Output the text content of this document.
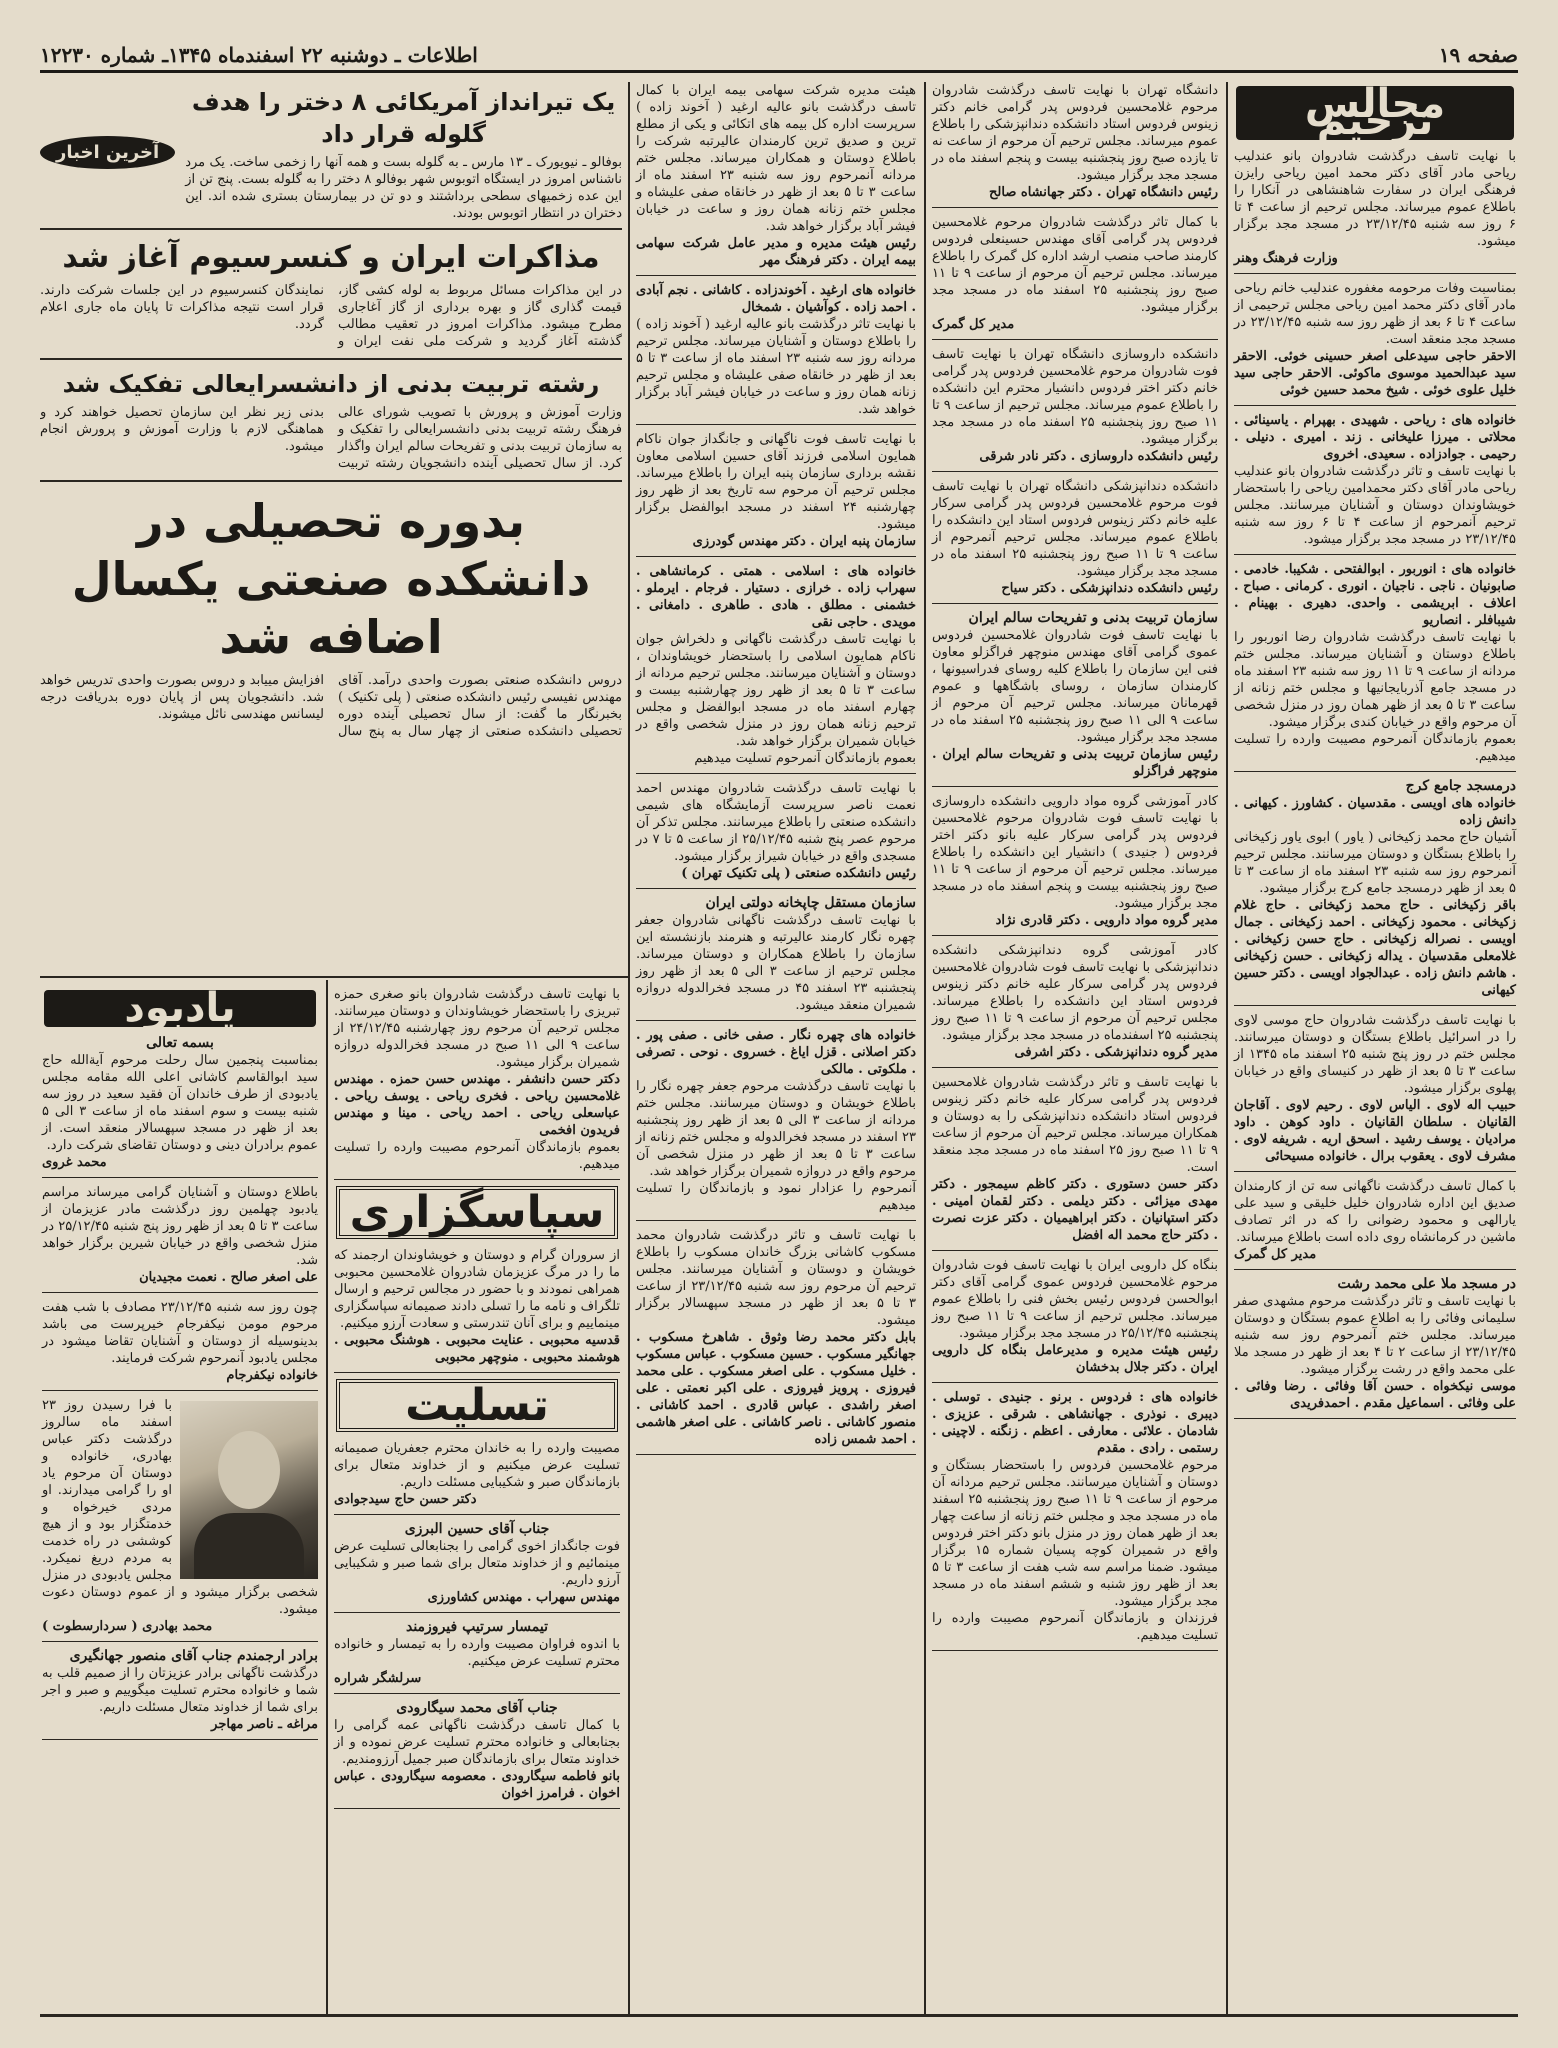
صفحه ۱۹
اطلاعات ـ دوشنبه ۲۲ اسفندماه ۱۳۴۵ـ شماره ۱۲۲۳۰
مجالس ترحیم

با نهایت تاسف درگذشت شادروان بانو عندلیب ریاحی مادر آقای دکتر محمد امین ریاحی رایزن فرهنگی ایران در سفارت شاهنشاهی در آنکارا را باطلاع عموم میرساند. مجلس ترحیم از ساعت ۴ تا ۶ روز سه شنبه ۲۳/۱۲/۴۵ در مسجد مجد برگزار میشود.

وزارت فرهنگ وهنر

بمناسبت وفات مرحومه مغفوره عندلیب خانم ریاحی مادر آقای دکتر محمد امین ریاحی مجلس ترحیمی از ساعت ۴ تا ۶ بعد از ظهر روز سه شنبه ۲۳/۱۲/۴۵ در مسجد مجد منعقد است.

الاحقر حاجی سیدعلی اصغر حسینی خوئی. الاحقر سید عبدالحمید موسوی ماکوئی. الاحقر حاجی سید خلیل علوی خوئی . شیخ محمد حسین خوئی

خانواده های : ریاحی . شهیدی . بهپرام . یاسینائی . محلاتی . میرزا علیخانی . زند . امیری . دنیلی . رحیمی . جوادزاده . سعیدی. اخروی

با نهایت تاسف و تاثر درگذشت شادروان بانو عندلیب ریاحی مادر آقای دکتر محمدامین ریاحی را باستحضار خویشاوندان دوستان و آشنایان میرسانند. مجلس ترحیم آنمرحوم از ساعت ۴ تا ۶ روز سه شنبه ۲۳/۱۲/۴۵ در مسجد مجد برگزار میشود.

خانواده های : انوربور . ابوالفتحی . شکیبا. خادمی . صابونیان . ناجی . ناجیان . انوری . کرمانی . صباح . اعلاف . ابریشمی . واحدی. دهیری . بهینام . شیبافلر . انصاریو

با نهایت تاسف درگذشت شادروان رضا انوربور را باطلاع دوستان و آشنایان میرساند. مجلس ختم مردانه از ساعت ۹ تا ۱۱ روز سه شنبه ۲۳ اسفند ماه در مسجد جامع آذربایجانیها و مجلس ختم زنانه از ساعت ۳ تا ۵ بعد از ظهر همان روز در منزل شخصی آن مرحوم واقع در خیابان کندی برگزار میشود.

بعموم بازماندگان آنمرحوم مصیبت وارده را تسلیت میدهیم.

درمسجد جامع کرج

خانواده های اویسی . مقدسیان . کشاورز . کیهانی . دانش زاده

آشیان حاج محمد زکیخانی ( یاور ) ابوی یاور زکیخانی را باطلاع بستگان و دوستان میرسانند. مجلس ترحیم آنمرحوم روز سه شنبه ۲۳ اسفند ماه از ساعت ۳ تا ۵ بعد از ظهر درمسجد جامع کرج برگزار میشود.

باقر زکیخانی . حاج محمد زکیخانی . حاج غلام زکیخانی . محمود زکیخانی . احمد زکیخانی . جمال اویسی . نصراله زکیخانی . حاج حسن زکیخانی . غلامعلی مقدسیان . یداله زکیخانی . حسن زکیخانی . هاشم دانش زاده . عبدالجواد اویسی . دکتر حسین کیهانی

با نهایت تاسف درگذشت شادروان حاج موسی لاوی را در اسرائیل باطلاع بستگان و دوستان میرسانند. مجلس ختم در روز پنج شنبه ۲۵ اسفند ماه ۱۳۴۵ از ساعت ۳ تا ۵ بعد از ظهر در کنیسای واقع در خیابان پهلوی برگزار میشود.

حبیب اله لاوی . الیاس لاوی . رحیم لاوی . آقاجان القانیان . سلطان القانیان . داود کوهن . داود مرادیان . یوسف رشید . اسحق اریه . شریفه لاوی . مشرف لاوی . یعقوب برال . خانواده مسیحائی

با کمال تاسف درگذشت ناگهانی سه تن از کارمندان صدیق این اداره شادروان خلیل خلیقی و سید علی یارالهی و محمود رضوانی را که در اثر تصادف ماشین در کرمانشاه روی داده است باطلاع میرساند.

مدیر کل گمرک

در مسجد ملا علی محمد رشت

با نهایت تاسف و تاثر درگذشت مرحوم مشهدی صفر سلیمانی وفائی را به اطلاع عموم بستگان و دوستان میرساند. مجلس ختم آنمرحوم روز سه شنبه ۲۳/۱۲/۴۵ از ساعت ۲ تا ۴ بعد از ظهر در مسجد ملا علی محمد واقع در رشت برگزار میشود.

موسی نیکخواه . حسن آقا وفائی . رضا وفائی . علی وفائی . اسماعیل مقدم . احمدفریدی

دانشگاه تهران با نهایت تاسف درگذشت شادروان مرحوم غلامحسین فردوس پدر گرامی خانم دکتر زینوس فردوس استاد دانشکده دندانپزشکی را باطلاع عموم میرساند. مجلس ترحیم آن مرحوم از ساعت نه تا یازده صبح روز پنجشنبه بیست و پنجم اسفند ماه در مسجد مجد برگزار میشود.

رئیس دانشگاه تهران . دکتر جهانشاه صالح

با کمال تاثر درگذشت شادروان مرحوم غلامحسین فردوس پدر گرامی آقای مهندس حسینعلی فردوس کارمند صاحب منصب ارشد اداره کل گمرک را باطلاع میرساند. مجلس ترحیم آن مرحوم از ساعت ۹ تا ۱۱ صبح روز پنجشنبه ۲۵ اسفند ماه در مسجد مجد برگزار میشود.

مدیر کل گمرک

دانشکده داروسازی دانشگاه تهران با نهایت تاسف فوت شادروان مرحوم غلامحسین فردوس پدر گرامی خانم دکتر اختر فردوس دانشیار محترم این دانشکده را باطلاع عموم میرساند. مجلس ترحیم از ساعت ۹ تا ۱۱ صبح روز پنجشنبه ۲۵ اسفند ماه در مسجد مجد برگزار میشود.

رئیس دانشکده داروسازی . دکتر نادر شرقی

دانشکده دندانپزشکی دانشگاه تهران با نهایت تاسف فوت مرحوم غلامحسین فردوس پدر گرامی سرکار علیه خانم دکتر زینوس فردوس استاد این دانشکده را باطلاع عموم میرساند. مجلس ترحیم آنمرحوم از ساعت ۹ تا ۱۱ صبح روز پنجشنبه ۲۵ اسفند ماه در مسجد مجد برگزار میشود.

رئیس دانشکده دندانپزشکی . دکتر سیاح

سازمان تربیت بدنی و تفریحات سالم ایران

با نهایت تاسف فوت شادروان غلامحسین فردوس عموی گرامی آقای مهندس منوچهر فراگزلو معاون فنی این سازمان را باطلاع کلیه روسای فدراسیونها ، کارمندان سازمان ، روسای باشگاهها و عموم قهرمانان میرساند. مجلس ترحیم آن مرحوم از ساعت ۹ الی ۱۱ صبح روز پنجشنبه ۲۵ اسفند ماه در مسجد مجد برگزار میشود.

رئیس سازمان تربیت بدنی و تفریحات سالم ایران . منوچهر فراگزلو

کادر آموزشی گروه مواد دارویی دانشکده داروسازی با نهایت تاسف فوت شادروان مرحوم غلامحسین فردوس پدر گرامی سرکار علیه بانو دکتر اختر فردوس ( جنیدی ) دانشیار این دانشکده را باطلاع میرساند. مجلس ترحیم آن مرحوم از ساعت ۹ تا ۱۱ صبح روز پنجشنبه بیست و پنجم اسفند ماه در مسجد مجد برگزار میشود.

مدیر گروه مواد دارویی . دکتر قادری نژاد

کادر آموزشی گروه دندانپزشکی دانشکده دندانپزشکی با نهایت تاسف فوت شادروان غلامحسین فردوس پدر گرامی سرکار علیه خانم دکتر زینوس فردوس استاد این دانشکده را باطلاع میرساند. مجلس ترحیم آن مرحوم از ساعت ۹ تا ۱۱ صبح روز پنجشنبه ۲۵ اسفندماه در مسجد مجد برگزار میشود.

مدیر گروه دندانپزشکی . دکتر اشرفی

با نهایت تاسف و تاثر درگذشت شادروان غلامحسین فردوس پدر گرامی سرکار علیه خانم دکتر زینوس فردوس استاد دانشکده دندانپزشکی را به دوستان و همکاران میرساند. مجلس ترحیم آن مرحوم از ساعت ۹ تا ۱۱ صبح روز ۲۵ اسفند ماه در مسجد مجد منعقد است.

دکتر حسن دستوری . دکتر کاظم سیمجور . دکتر مهدی میزائی . دکتر دیلمی . دکتر لقمان امینی . دکتر استپانیان . دکتر ابراهیمیان . دکتر عزت نصرت . دکتر حاج محمد اله افضل

بنگاه کل دارویی ایران با نهایت تاسف فوت شادروان مرحوم غلامحسین فردوس عموی گرامی آقای دکتر ابوالحسن فردوس رئیس بخش فنی را باطلاع عموم میرساند. مجلس ترحیم از ساعت ۹ تا ۱۱ صبح روز پنجشنبه ۲۵/۱۲/۴۵ در مسجد مجد برگزار میشود.

رئیس هیئت مدیره و مدیرعامل بنگاه کل دارویی ایران . دکتر جلال بدخشان

خانواده های : فردوس . برنو . جنیدی . توسلی . دیبری . نوذری . جهانشاهی . شرقی . عزیزی . شادمان . علائی . معارفی . اعظم . زنگنه . لاچینی . رستمی . رادی . مقدم

مرحوم غلامحسین فردوس را باستحضار بستگان و دوستان و آشنایان میرسانند. مجلس ترحیم مردانه آن مرحوم از ساعت ۹ تا ۱۱ صبح روز پنجشنبه ۲۵ اسفند ماه در مسجد مجد و مجلس ختم زنانه از ساعت چهار بعد از ظهر همان روز در منزل بانو دکتر اختر فردوس واقع در شمیران کوچه پسیان شماره ۱۵ برگزار میشود. ضمنا مراسم سه شب هفت از ساعت ۳ تا ۵ بعد از ظهر روز شنبه و ششم اسفند ماه در مسجد مجد برگزار میشود.

فرزندان و بازماندگان آنمرحوم مصیبت وارده را تسلیت میدهیم.

هیئت مدیره شرکت سهامی بیمه ایران با کمال تاسف درگذشت بانو عالیه ارغید ( آخوند زاده ) سرپرست اداره کل بیمه های اتکائی و یکی از مطلع ترین و صدیق ترین کارمندان عالیرتبه شرکت را باطلاع دوستان و همکاران میرساند. مجلس ختم مردانه آنمرحوم روز سه شنبه ۲۳ اسفند ماه از ساعت ۳ تا ۵ بعد از ظهر در خانقاه صفی علیشاه و مجلس ختم زنانه همان روز و ساعت در خیابان فیشر آباد برگزار خواهد شد.

رئیس هیئت مدیره و مدیر عامل شرکت سهامی بیمه ایران . دکتر فرهنگ مهر

خانواده های ارغید . آخوندزاده . کاشانی . نجم آبادی . احمد زاده . کوآشیان . شمخال

با نهایت تاثر درگذشت بانو عالیه ارغید ( آخوند زاده ) را باطلاع دوستان و آشنایان میرساند. مجلس ترحیم مردانه روز سه شنبه ۲۳ اسفند ماه از ساعت ۳ تا ۵ بعد از ظهر در خانقاه صفی علیشاه و مجلس ترحیم زنانه همان روز و ساعت در خیابان فیشر آباد برگزار خواهد شد.

با نهایت تاسف فوت ناگهانی و جانگداز جوان ناکام همایون اسلامی فرزند آقای حسین اسلامی معاون نقشه برداری سازمان پنبه ایران را باطلاع میرساند. مجلس ترحیم آن مرحوم سه تاریخ بعد از ظهر روز چهارشنبه ۲۴ اسفند در مسجد ابوالفضل برگزار میشود.

سازمان پنبه ایران . دکتر مهندس گودرزی

خانواده های : اسلامی . همتی . کرمانشاهی . سهراب زاده . خرازی . دستیار . فرجام . ایرملو . خشمنی . مطلق . هادی . طاهری . دامغانی . مویدی . حاجی نقی

با نهایت تاسف درگذشت ناگهانی و دلخراش جوان ناکام همایون اسلامی را باستحضار خویشاوندان ، دوستان و آشنایان میرسانند. مجلس ترحیم مردانه از ساعت ۳ تا ۵ بعد از ظهر روز چهارشنبه بیست و چهارم اسفند ماه در مسجد ابوالفضل و مجلس ترحیم زنانه همان روز در منزل شخصی واقع در خیابان شمیران برگزار خواهد شد.

بعموم بازماندگان آنمرحوم تسلیت میدهیم

با نهایت تاسف درگذشت شادروان مهندس احمد نعمت ناصر سرپرست آزمایشگاه های شیمی دانشکده صنعتی را باطلاع میرسانند. مجلس تذکر آن مرحوم عصر پنج شنبه ۲۵/۱۲/۴۵ از ساعت ۵ تا ۷ در مسجدی واقع در خیابان شیراز برگزار میشود.

رئیس دانشکده صنعتی ( پلی تکنیک تهران )

سازمان مستقل چاپخانه دولتی ایران

با نهایت تاسف درگذشت ناگهانی شادروان جعفر چهره نگار کارمند عالیرتبه و هنرمند بازنشسته این سازمان را باطلاع همکاران و دوستان میرساند. مجلس ترحیم از ساعت ۳ الی ۵ بعد از ظهر روز پنجشنبه ۲۳ اسفند ۴۵ در مسجد فخرالدوله دروازه شمیران منعقد میشود.

خانواده های چهره نگار . صفی خانی . صفی پور . دکتر اصلانی . قزل ایاغ . خسروی . نوحی . تصرفی . ملکوتی . مالکی

با نهایت تاسف درگذشت مرحوم جعفر چهره نگار را باطلاع خویشان و دوستان میرسانند. مجلس ختم مردانه از ساعت ۳ الی ۵ بعد از ظهر روز پنجشنبه ۲۳ اسفند در مسجد فخرالدوله و مجلس ختم زنانه از ساعت ۳ تا ۵ بعد از ظهر در منزل شخصی آن مرحوم واقع در دروازه شمیران برگزار خواهد شد.

آنمرحوم را عزادار نمود و بازماندگان را تسلیت میدهیم

با نهایت تاسف و تاثر درگذشت شادروان محمد مسکوب کاشانی بزرگ خاندان مسکوب را باطلاع خویشان و دوستان و آشنایان میرسانند. مجلس ترحیم آن مرحوم روز سه شنبه ۲۳/۱۲/۴۵ از ساعت ۳ تا ۵ بعد از ظهر در مسجد سپهسالار برگزار میشود.

بابل دکتر محمد رضا وثوق . شاهرخ مسکوب . جهانگیر مسکوب . حسین مسکوب . عباس مسکوب . خلیل مسکوب . علی اصغر مسکوب . علی محمد فیروزی . پرویز فیروزی . علی اکبر نعمتی . علی اصغر راشدی . عباس قادری . احمد کاشانی . منصور کاشانی . ناصر کاشانی . علی اصغر هاشمی . احمد شمس زاده

یک تیرانداز آمریکائی ۸ دختر را هدف گلوله قرار داد

بوفالو ـ نیویورک ـ ۱۳ مارس ـ به گلوله بست و همه آنها را زخمی ساخت. یک مرد ناشناس امروز در ایستگاه اتوبوس شهر بوفالو ۸ دختر را به گلوله بست. پنج تن از این عده زخمیهای سطحی برداشتند و دو تن در بیمارستان بستری شده اند. این دختران در انتظار اتوبوس بودند.

آخرین اخبار
مذاکرات ایران و کنسرسیوم آغاز شد

در این مذاکرات مسائل مربوط به لوله کشی گاز، قیمت گذاری گاز و بهره برداری از گاز آغاجاری مطرح میشود. مذاکرات امروز در تعقیب مطالب گذشته آغاز گردید و شرکت ملی نفت ایران و نمایندگان کنسرسیوم در این جلسات شرکت دارند. قرار است نتیجه مذاکرات تا پایان ماه جاری اعلام گردد.

رشته تربیت بدنی از دانشسرایعالی تفکیک شد

وزارت آموزش و پرورش با تصویب شورای عالی فرهنگ رشته تربیت بدنی دانشسرایعالی را تفکیک و به سازمان تربیت بدنی و تفریحات سالم ایران واگذار کرد. از سال تحصیلی آینده دانشجویان رشته تربیت بدنی زیر نظر این سازمان تحصیل خواهند کرد و هماهنگی لازم با وزارت آموزش و پرورش انجام میشود.

بدوره تحصیلی در دانشکده صنعتی یکسال اضافه شد

دروس دانشکده صنعتی بصورت واحدی درآمد. آقای مهندس نفیسی رئیس دانشکده صنعتی ( پلی تکنیک ) بخبرنگار ما گفت: از سال تحصیلی آینده دوره تحصیلی دانشکده صنعتی از چهار سال به پنج سال افزایش مییابد و دروس بصورت واحدی تدریس خواهد شد. دانشجویان پس از پایان دوره بدریافت درجه لیسانس مهندسی نائل میشوند.

یادبود

بسمه تعالی

بمناسبت پنجمین سال رحلت مرحوم آیةالله حاج سید ابوالقاسم کاشانی اعلی الله مقامه مجلس یادبودی از طرف خاندان آن فقید سعید در روز سه شنبه بیست و سوم اسفند ماه از ساعت ۳ الی ۵ بعد از ظهر در مسجد سپهسالار منعقد است. از عموم برادران دینی و دوستان تقاضای شرکت دارد.

محمد غروی

باطلاع دوستان و آشنایان گرامی میرساند مراسم یادبود چهلمین روز درگذشت مادر عزیزمان از ساعت ۳ تا ۵ بعد از ظهر روز پنج شنبه ۲۵/۱۲/۴۵ در منزل شخصی واقع در خیابان شیرین برگزار خواهد شد.

علی اصغر صالح . نعمت مجیدیان

چون روز سه شنبه ۲۳/۱۲/۴۵ مصادف با شب هفت مرحوم مومن نیکفرجام خیرپرست می باشد بدینوسیله از دوستان و آشنایان تقاضا میشود در مجلس یادبود آنمرحوم شرکت فرمایند.

خانواده نیکفرجام

با فرا رسیدن روز ۲۳ اسفند ماه سالروز درگذشت دکتر عباس بهادری، خانواده و دوستان آن مرحوم یاد او را گرامی میدارند. او مردی خیرخواه و خدمتگزار بود و از هیچ کوششی در راه خدمت به مردم دریغ نمیکرد. مجلس یادبودی در منزل شخصی برگزار میشود و از عموم دوستان دعوت میشود.

محمد بهادری ( سردارسطوت )

برادر ارجمندم جناب آقای منصور جهانگیری

درگذشت ناگهانی برادر عزیزتان را از صمیم قلب به شما و خانواده محترم تسلیت میگوییم و صبر و اجر برای شما از خداوند متعال مسئلت داریم.

مراغه ـ ناصر مهاجر

با نهایت تاسف درگذشت شادروان بانو صغری حمزه تبریزی را باستحضار خویشاوندان و دوستان میرسانند. مجلس ترحیم آن مرحوم روز چهارشنبه ۲۴/۱۲/۴۵ از ساعت ۹ الی ۱۱ صبح در مسجد فخرالدوله دروازه شمیران برگزار میشود.

دکتر حسن دانشفر . مهندس حسن حمزه . مهندس غلامحسین ریاحی . فخری ریاحی . یوسف ریاحی . عباسعلی ریاحی . احمد ریاحی . مینا و مهندس فریدون افخمی

بعموم بازماندگان آنمرحوم مصیبت وارده را تسلیت میدهیم.

سپاسگزاری

از سروران گرام و دوستان و خویشاوندان ارجمند که ما را در مرگ عزیزمان شادروان غلامحسین محبوبی همراهی نمودند و با حضور در مجالس ترحیم و ارسال تلگراف و نامه ما را تسلی دادند صمیمانه سپاسگزاری مینماییم و برای آنان تندرستی و سعادت آرزو میکنیم.

قدسیه محبوبی . عنایت محبوبی . هوشنگ محبوبی . هوشمند محبوبی . منوچهر محبوبی

تسلیت

مصیبت وارده را به خاندان محترم جعفریان صمیمانه تسلیت عرض میکنیم و از خداوند متعال برای بازماندگان صبر و شکیبایی مسئلت داریم.

دکتر حسن حاج سیدجوادی

جناب آقای حسین البرزی

فوت جانگداز اخوی گرامی را بجنابعالی تسلیت عرض مینمائیم و از خداوند متعال برای شما صبر و شکیبایی آرزو داریم.

مهندس سهراب . مهندس کشاورزی

تیمسار سرتیپ فیروزمند

با اندوه فراوان مصیبت وارده را به تیمسار و خانواده محترم تسلیت عرض میکنیم.

سرلشگر شراره

جناب آقای محمد سیگارودی

با کمال تاسف درگذشت ناگهانی عمه گرامی را بجنابعالی و خانواده محترم تسلیت عرض نموده و از خداوند متعال برای بازماندگان صبر جمیل آرزومندیم.

بانو فاطمه سیگارودی . معصومه سیگارودی . عباس اخوان . فرامرز اخوان
